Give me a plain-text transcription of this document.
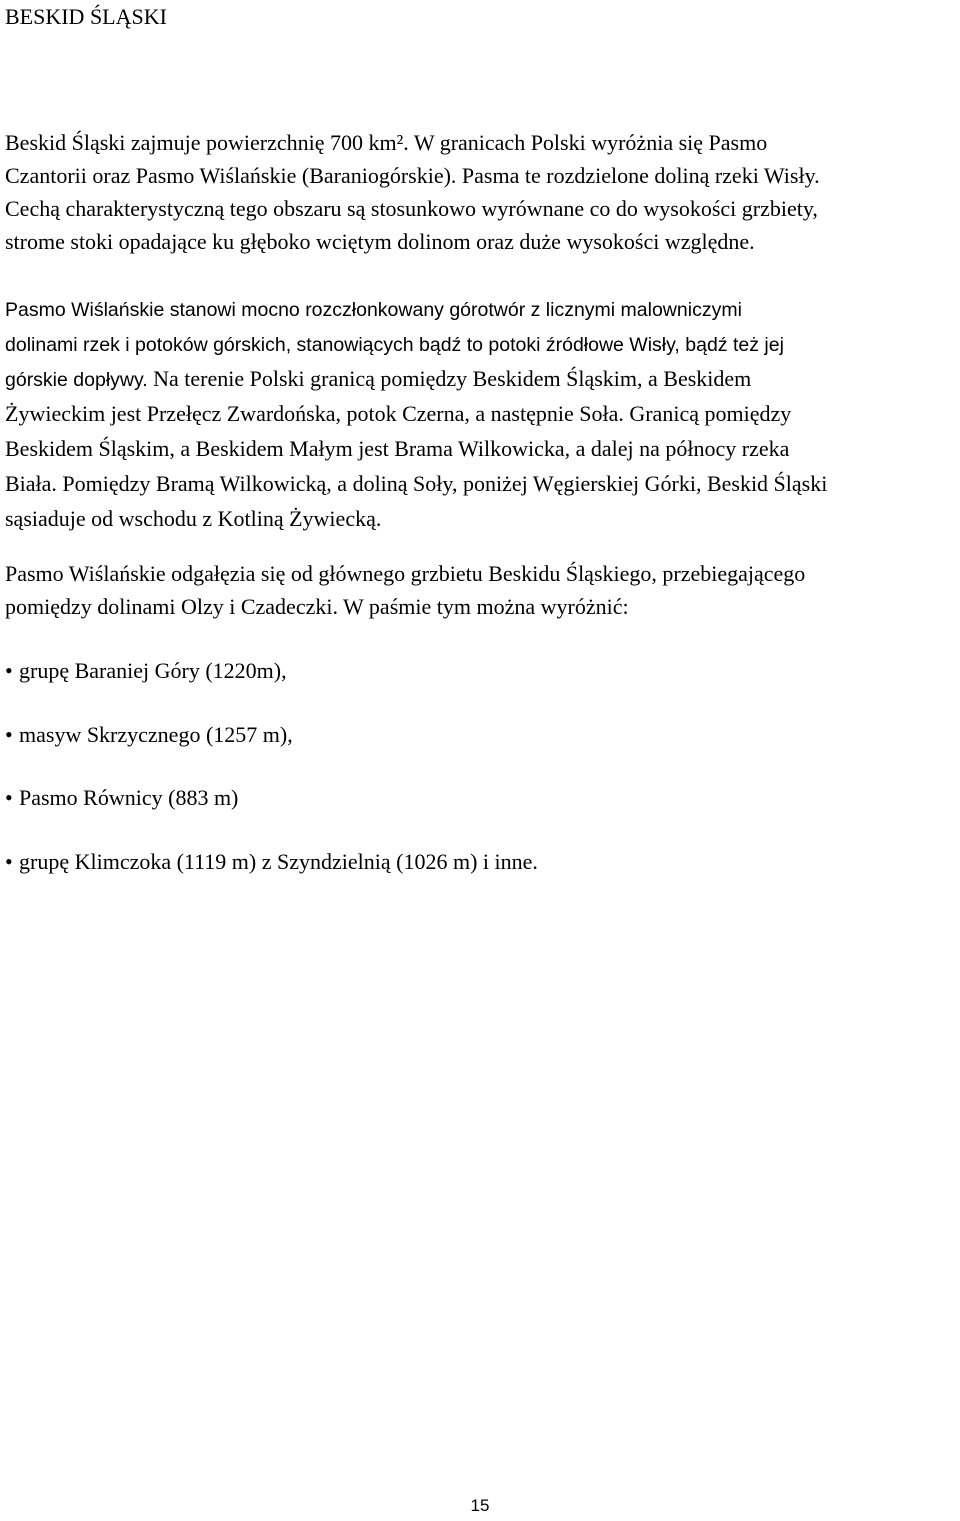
BESKID ŚLĄSKI

Beskid Śląski zajmuje powierzchnię 700 km². W granicach Polski wyróżnia się Pasmo
Czantorii oraz Pasmo Wiślańskie (Baraniogórskie). Pasma te rozdzielone doliną rzeki Wisły.
Cechą charakterystyczną tego obszaru są stosunkowo wyrównane co do wysokości grzbiety,
strome stoki opadające ku głęboko wciętym dolinom oraz duże wysokości względne.

Pasmo Wiślańskie stanowi mocno rozczłonkowany górotwór z licznymi malowniczymi
dolinami rzek i potoków górskich, stanowiących bądź to potoki źródłowe Wisły, bądź też jej
górskie dopływy. Na terenie Polski granicą pomiędzy Beskidem Śląskim, a Beskidem
Żywieckim jest Przełęcz Zwardońska, potok Czerna, a następnie Soła. Granicą pomiędzy
Beskidem Śląskim, a Beskidem Małym jest Brama Wilkowicka, a dalej na północy rzeka
Biała. Pomiędzy Bramą Wilkowicką, a doliną Soły, poniżej Węgierskiej Górki, Beskid Śląski
sąsiaduje od wschodu z Kotliną Żywiecką.

Pasmo Wiślańskie odgałęzia się od głównego grzbietu Beskidu Śląskiego, przebiegającego
pomiędzy dolinami Olzy i Czadeczki. W paśmie tym można wyróżnić:

• grupę Baraniej Góry (1220m),
• masyw Skrzycznego (1257 m),
• Pasmo Równicy (883 m)
• grupę Klimczoka (1119 m) z Szyndzielnią (1026 m) i inne.
15
